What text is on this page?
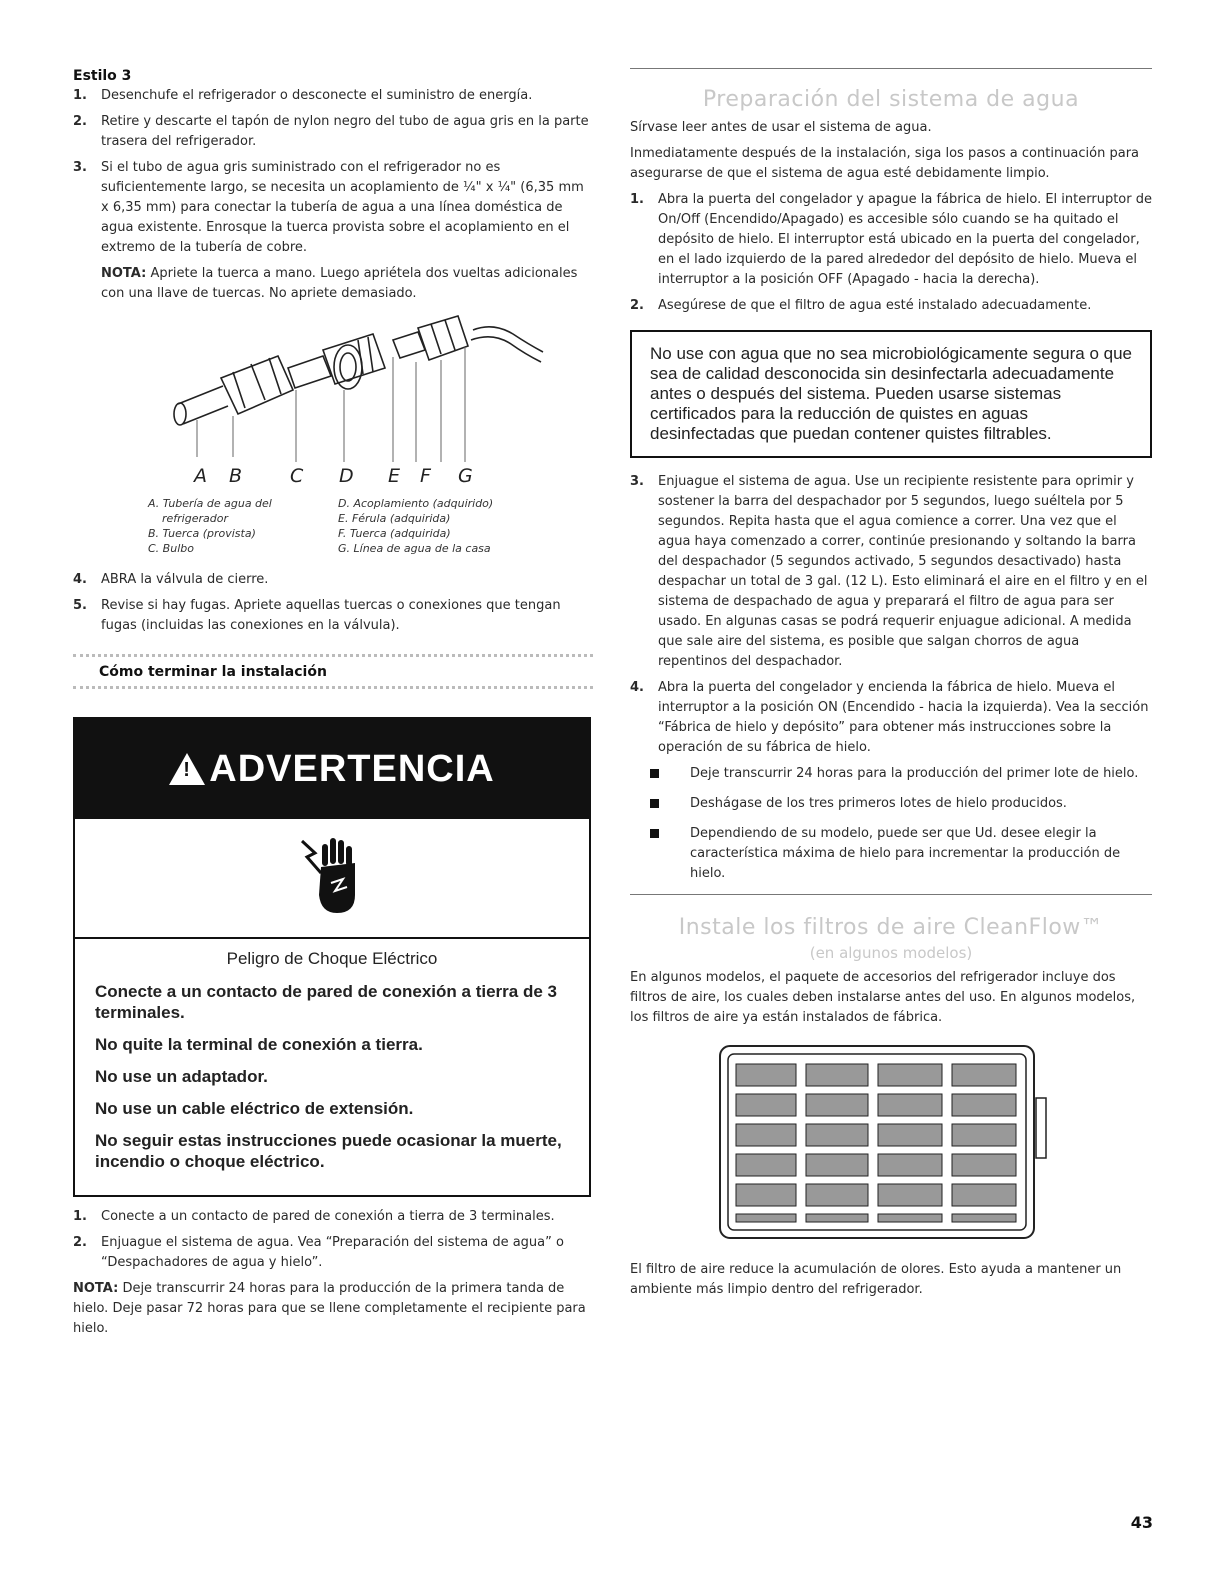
Estilo 3
1. Desenchufe el refrigerador o desconecte el suministro de energía.
2. Retire y descarte el tapón de nylon negro del tubo de agua gris en la parte trasera del refrigerador.
3. Si el tubo de agua gris suministrado con el refrigerador no es suficientemente largo, se necesita un acoplamiento de ¼" x ¼" (6,35 mm x 6,35 mm) para conectar la tubería de agua a una línea doméstica de agua existente. Enrosque la tuerca provista sobre el acoplamiento en el extremo de la tubería de cobre.
NOTA: Apriete la tuerca a mano. Luego apriétela dos vueltas adicionales con una llave de tuercas. No apriete demasiado.
A B	C D E F G
A. Tubería de agua del
refrigerador
B. Tuerca (provista)
C. Bulbo
D. Acoplamiento (adquirido)
E. Férula (adquirida)
F. Tuerca (adquirida)
G. Línea de agua de la casa
4. ABRA la válvula de cierre.
5. Revise si hay fugas. Apriete aquellas tuercas o conexiones que tengan fugas (incluidas las conexiones en la válvula).
Cómo terminar la instalación
!
ADVERTENCIA
Peligro de Choque Eléctrico

Conecte a un contacto de pared de conexión a tierra de 3 terminales.

No quite la terminal de conexión a tierra.

No use un adaptador.

No use un cable eléctrico de extensión.

No seguir estas instrucciones puede ocasionar la muerte, incendio o choque eléctrico.

1. Conecte a un contacto de pared de conexión a tierra de 3 terminales.
2. Enjuague el sistema de agua. Vea “Preparación del sistema de agua” o “Despachadores de agua y hielo”.
NOTA: Deje transcurrir 24 horas para la producción de la primera tanda de hielo. Deje pasar 72 horas para que se llene completamente el recipiente para hielo.
Preparación del sistema de agua
Sírvase leer antes de usar el sistema de agua.
Inmediatamente después de la instalación, siga los pasos a continuación para asegurarse de que el sistema de agua esté debidamente limpio.
1. Abra la puerta del congelador y apague la fábrica de hielo. El interruptor de On/Off (Encendido/Apagado) es accesible sólo cuando se ha quitado el depósito de hielo. El interruptor está ubicado en la puerta del congelador, en el lado izquierdo de la pared alrededor del depósito de hielo. Mueva el interruptor a la posición OFF (Apagado - hacia la derecha).
2. Asegúrese de que el filtro de agua esté instalado adecuadamente.
No use con agua que no sea microbiológicamente segura o que sea de calidad desconocida sin desinfectarla adecuadamente antes o después del sistema. Pueden usarse sistemas certificados para la reducción de quistes en aguas desinfectadas que puedan contener quistes filtrables.
3. Enjuague el sistema de agua. Use un recipiente resistente para oprimir y sostener la barra del despachador por 5 segundos, luego suéltela por 5 segundos. Repita hasta que el agua comience a correr. Una vez que el agua haya comenzado a correr, continúe presionando y soltando la barra del despachador (5 segundos activado, 5 segundos desactivado) hasta despachar un total de 3 gal. (12 L). Esto eliminará el aire en el filtro y en el sistema de despachado de agua y preparará el filtro de agua para ser usado. En algunas casas se podrá requerir enjuague adicional. A medida que sale aire del sistema, es posible que salgan chorros de agua repentinos del despachador.
4. Abra la puerta del congelador y encienda la fábrica de hielo. Mueva el interruptor a la posición ON (Encendido - hacia la izquierda). Vea la sección “Fábrica de hielo y depósito” para obtener más instrucciones sobre la operación de su fábrica de hielo.
Deje transcurrir 24 horas para la producción del primer lote de hielo.
Deshágase de los tres primeros lotes de hielo producidos.
Dependiendo de su modelo, puede ser que Ud. desee elegir la característica máxima de hielo para incrementar la producción de hielo.
Instale los filtros de aire CleanFlow™
(en algunos modelos)
En algunos modelos, el paquete de accesorios del refrigerador incluye dos filtros de aire, los cuales deben instalarse antes del uso. En algunos modelos, los filtros de aire ya están instalados de fábrica.
El filtro de aire reduce la acumulación de olores. Esto ayuda a mantener un ambiente más limpio dentro del refrigerador.
43
